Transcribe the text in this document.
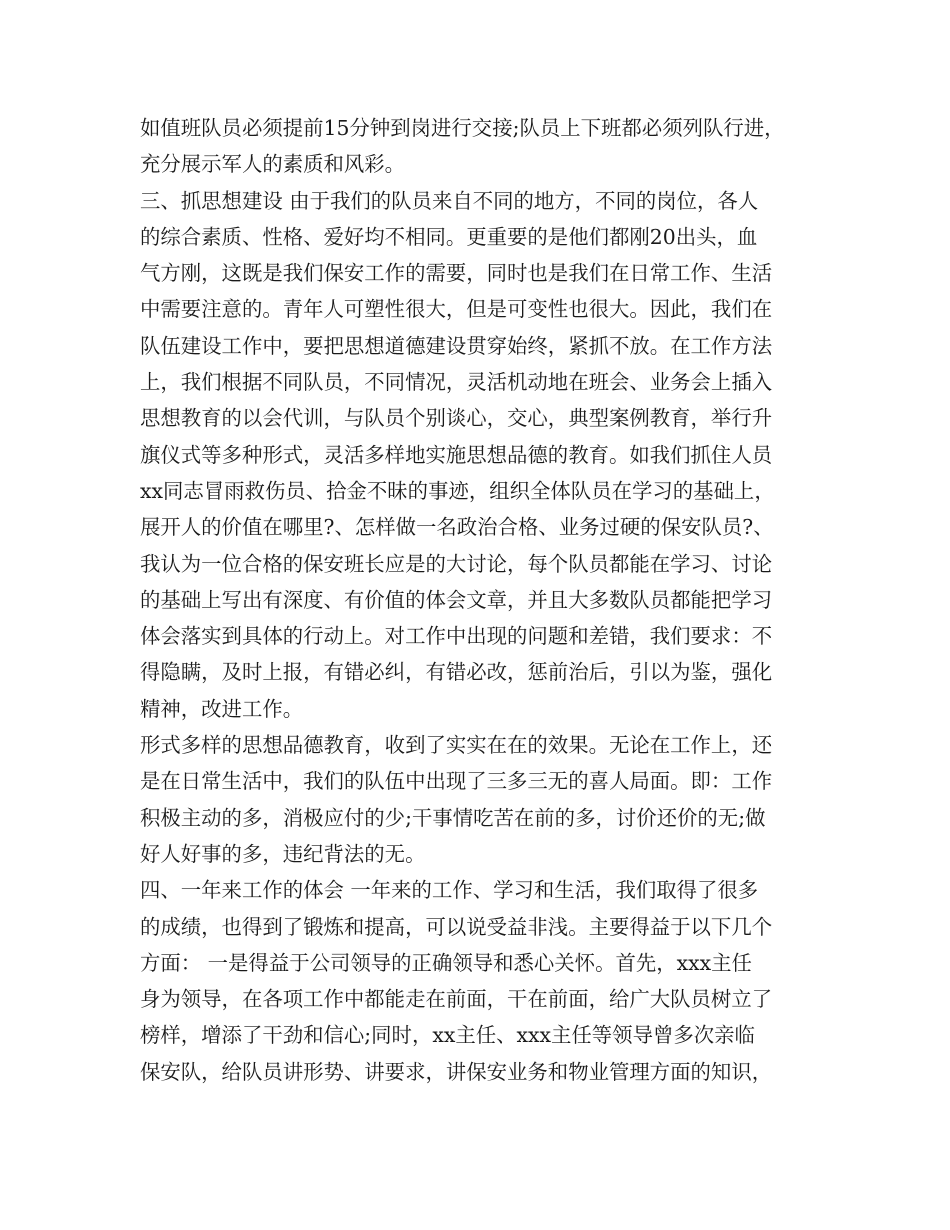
如值班队员必须提前15分钟到岗进行交接;队员上下班都必须列队行进，
充分展示军人的素质和风彩。
三、抓思想建设 由于我们的队员来自不同的地方，不同的岗位，各人
的综合素质、性格、爱好均不相同。更重要的是他们都刚20出头，血
气方刚，这既是我们保安工作的需要，同时也是我们在日常工作、生活
中需要注意的。青年人可塑性很大，但是可变性也很大。因此，我们在
队伍建设工作中，要把思想道德建设贯穿始终，紧抓不放。在工作方法
上，我们根据不同队员，不同情况，灵活机动地在班会、业务会上插入
思想教育的以会代训，与队员个别谈心，交心，典型案例教育，举行升
旗仪式等多种形式，灵活多样地实施思想品德的教育。如我们抓住人员
xx同志冒雨救伤员、拾金不昧的事迹，组织全体队员在学习的基础上，
展开人的价值在哪里?、怎样做一名政治合格、业务过硬的保安队员?、
我认为一位合格的保安班长应是的大讨论，每个队员都能在学习、讨论
的基础上写出有深度、有价值的体会文章，并且大多数队员都能把学习
体会落实到具体的行动上。对工作中出现的问题和差错，我们要求：不
得隐瞒，及时上报，有错必纠，有错必改，惩前治后，引以为鉴，强化
精神，改进工作。
形式多样的思想品德教育，收到了实实在在的效果。无论在工作上，还
是在日常生活中，我们的队伍中出现了三多三无的喜人局面。即：工作
积极主动的多，消极应付的少;干事情吃苦在前的多，讨价还价的无;做
好人好事的多，违纪背法的无。
四、一年来工作的体会 一年来的工作、学习和生活，我们取得了很多
的成绩，也得到了锻炼和提高，可以说受益非浅。主要得益于以下几个
方面： 一是得益于公司领导的正确领导和悉心关怀。首先，xxx主任
身为领导，在各项工作中都能走在前面，干在前面，给广大队员树立了
榜样，增添了干劲和信心;同时，xx主任、xxx主任等领导曾多次亲临
保安队，给队员讲形势、讲要求，讲保安业务和物业管理方面的知识，
